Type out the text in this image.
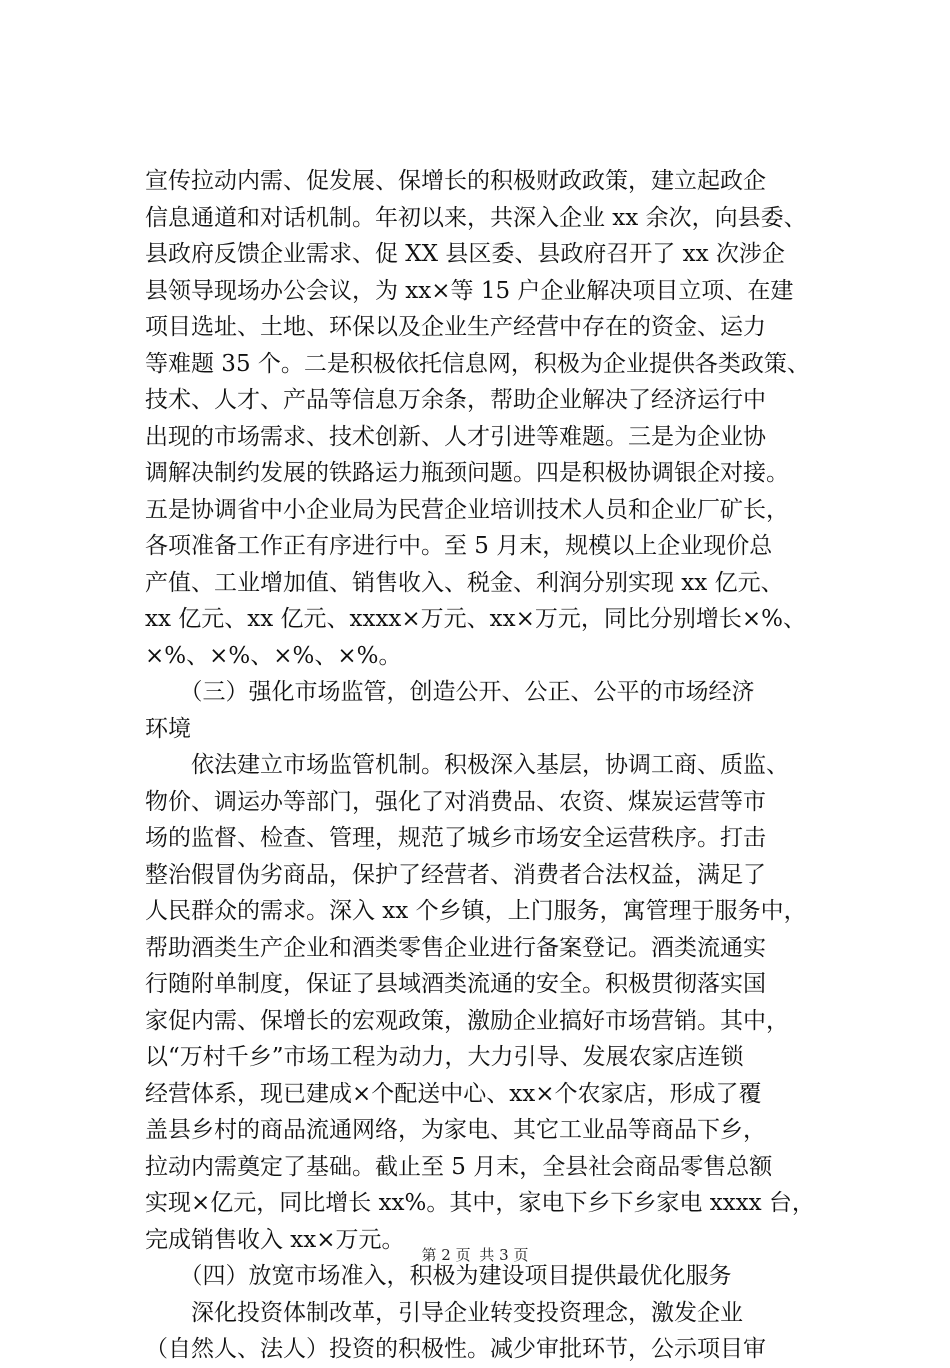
宣传拉动内需、促发展、保增长的积极财政政策，建立起政企
信息通道和对话机制。年初以来，共深入企业 xx 余次，向县委、
县政府反馈企业需求、促 XX 县区委、县政府召开了 xx 次涉企
县领导现场办公会议，为 xx×等 15 户企业解决项目立项、在建
项目选址、土地、环保以及企业生产经营中存在的资金、运力
等难题 35 个。二是积极依托信息网，积极为企业提供各类政策、
技术、人才、产品等信息万余条，帮助企业解决了经济运行中
出现的市场需求、技术创新、人才引进等难题。三是为企业协
调解决制约发展的铁路运力瓶颈问题。四是积极协调银企对接。
五是协调省中小企业局为民营企业培训技术人员和企业厂矿长，
各项准备工作正有序进行中。至 5 月末，规模以上企业现价总
产值、工业增加值、销售收入、税金、利润分别实现 xx 亿元、
xx 亿元、xx 亿元、xxxx×万元、xx×万元，同比分别增长×%、
×%、×%、×%、×%。
　　（三）强化市场监管，创造公开、公正、公平的市场经济
环境
　　依法建立市场监管机制。积极深入基层，协调工商、质监、
物价、调运办等部门，强化了对消费品、农资、煤炭运营等市
场的监督、检查、管理，规范了城乡市场安全运营秩序。打击
整治假冒伪劣商品，保护了经营者、消费者合法权益，满足了
人民群众的需求。深入 xx 个乡镇，上门服务，寓管理于服务中，
帮助酒类生产企业和酒类零售企业进行备案登记。酒类流通实
行随附单制度，保证了县域酒类流通的安全。积极贯彻落实国
家促内需、保增长的宏观政策，激励企业搞好市场营销。其中，
以“万村千乡”市场工程为动力，大力引导、发展农家店连锁
经营体系，现已建成×个配送中心、xx×个农家店，形成了覆
盖县乡村的商品流通网络，为家电、其它工业品等商品下乡，
拉动内需奠定了基础。截止至 5 月末，全县社会商品零售总额
实现×亿元，同比增长 xx%。其中，家电下乡下乡家电 xxxx 台，
完成销售收入 xx×万元。
　　（四）放宽市场准入，积极为建设项目提供最优化服务
　　深化投资体制改革，引导企业转变投资理念，激发企业
（自然人、法人）投资的积极性。减少审批环节，公示项目审
第 2 页 共 3 页
